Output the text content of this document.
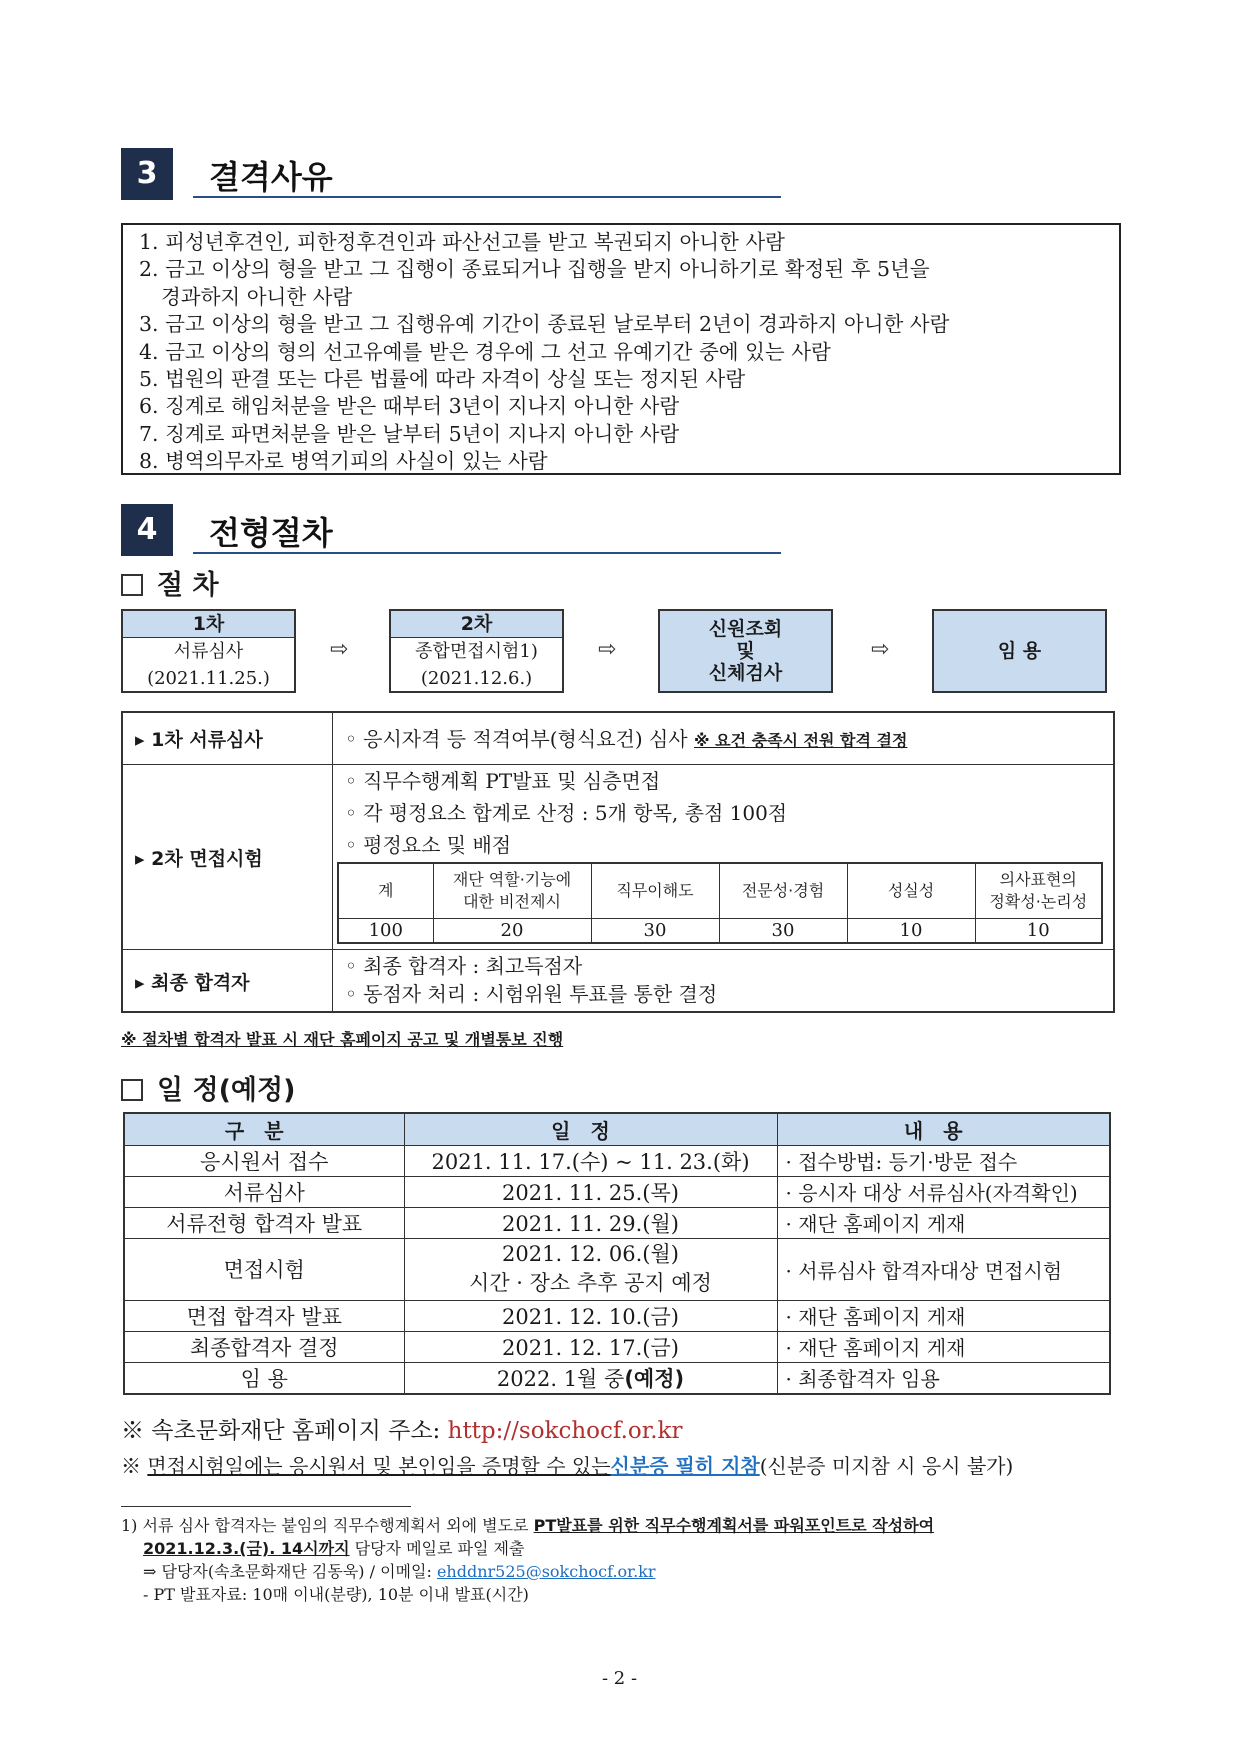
3	결격사유
1. 피성년후견인, 피한정후견인과 파산선고를 받고 복권되지 아니한 사람
2. 금고 이상의 형을 받고 그 집행이 종료되거나 집행을 받지 아니하기로 확정된 후 5년을
경과하지 아니한 사람
3. 금고 이상의 형을 받고 그 집행유예 기간이 종료된 날로부터 2년이 경과하지 아니한 사람
4. 금고 이상의 형의 선고유예를 받은 경우에 그 선고 유예기간 중에 있는 사람
5. 법원의 판결 또는 다른 법률에 따라 자격이 상실 또는 정지된 사람
6. 징계로 해임처분을 받은 때부터 3년이 지나지 아니한 사람
7. 징계로 파면처분을 받은 날부터 5년이 지나지 아니한 사람
8. 병역의무자로 병역기피의 사실이 있는 사람
4	전형절차
절 차
1차
서류심사
(2021.11.25.)
⇨
2차
종합면접시험1)
(2021.12.6.)
⇨
신원조회
및
신체검사
⇨	임 용
▸ 1차 서류심사	◦ 응시자격 등 적격여부(형식요건) 심사 ※ 요건 충족시 전원 합격 결정
▸ 2차 면접시험
◦ 직무수행계획 PT발표 및 심층면접
◦ 각 평정요소 합계로 산정 : 5개 항목, 총점 100점
◦ 평정요소 및 배점
▸ 최종 합격자
◦ 최종 합격자 : 최고득점자
◦ 동점자 처리 : 시험위원 투표를 통한 결정
계	재단 역할·기능에
대한 비전제시	직무이해도	전문성·경험	성실성	의사표현의
정확성·논리성
100	20	30	30	10	10
※ 절차별 합격자 발표 시 재단 홈페이지 공고 및 개별통보 진행
일 정(예정)
구분	일정	내용
응시원서 접수	2021. 11. 17.(수) ~ 11. 23.(화)	· 접수방법: 등기·방문 접수
서류심사	2021. 11. 25.(목)	· 응시자 대상 서류심사(자격확인)
서류전형 합격자 발표	2021. 11. 29.(월)	· 재단 홈페이지 게재
면접시험	2021. 12. 06.(월)
시간 · 장소 추후 공지 예정	· 서류심사 합격자대상 면접시험
면접 합격자 발표	2021. 12. 10.(금)	· 재단 홈페이지 게재
최종합격자 결정	2021. 12. 17.(금)	· 재단 홈페이지 게재
임 용	2022. 1월 중(예정)	· 최종합격자 임용
※ 속초문화재단 홈페이지 주소: http://sokchocf.or.kr
※ 면접시험일에는 응시원서 및 본인임을 증명할 수 있는신분증 필히 지참(신분증 미지참 시 응시 불가)
1) 서류 심사 합격자는 붙임의 직무수행계획서 외에 별도로 PT발표를 위한 직무수행계획서를 파워포인트로 작성하여
2021.12.3.(금). 14시까지 담당자 메일로 파일 제출
⇒ 담당자(속초문화재단 김동욱) / 이메일: ehddnr525@sokchocf.or.kr
- PT 발표자료: 10매 이내(분량), 10분 이내 발표(시간)
- 2 -
